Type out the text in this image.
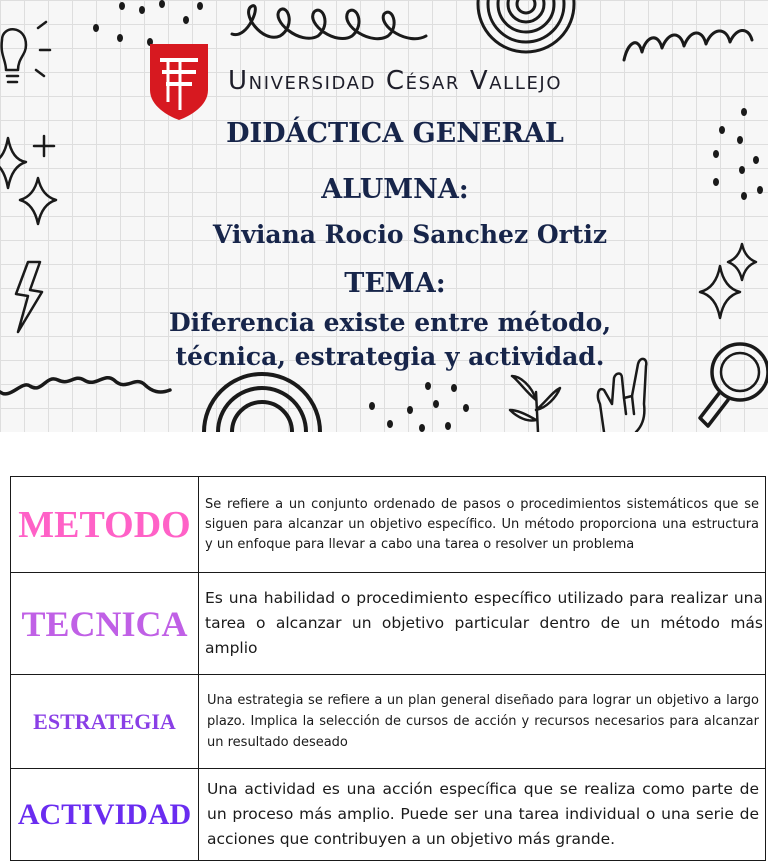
Universidad César Vallejo
DIDÁCTICA GENERAL
ALUMNA:
Viviana Rocio Sanchez Ortiz
TEMA:
Diferencia existe entre método, técnica, estrategia y actividad.
METODO	Se refiere a un conjunto ordenado de pasos o procedimientos sistemáticos que se siguen para alcanzar un objetivo específico. Un método proporciona una estructura y un enfoque para llevar a cabo una tarea o resolver un problema
TECNICA	Es una habilidad o procedimiento específico utilizado para realizar una tarea o alcanzar un objetivo particular dentro de un método más amplio
ESTRATEGIA	Una estrategia se refiere a un plan general diseñado para lograr un objetivo a largo plazo. Implica la selección de cursos de acción y recursos necesarios para alcanzar un resultado deseado
ACTIVIDAD	Una actividad es una acción específica que se realiza como parte de un proceso más amplio. Puede ser una tarea individual o una serie de acciones que contribuyen a un objetivo más grande.
